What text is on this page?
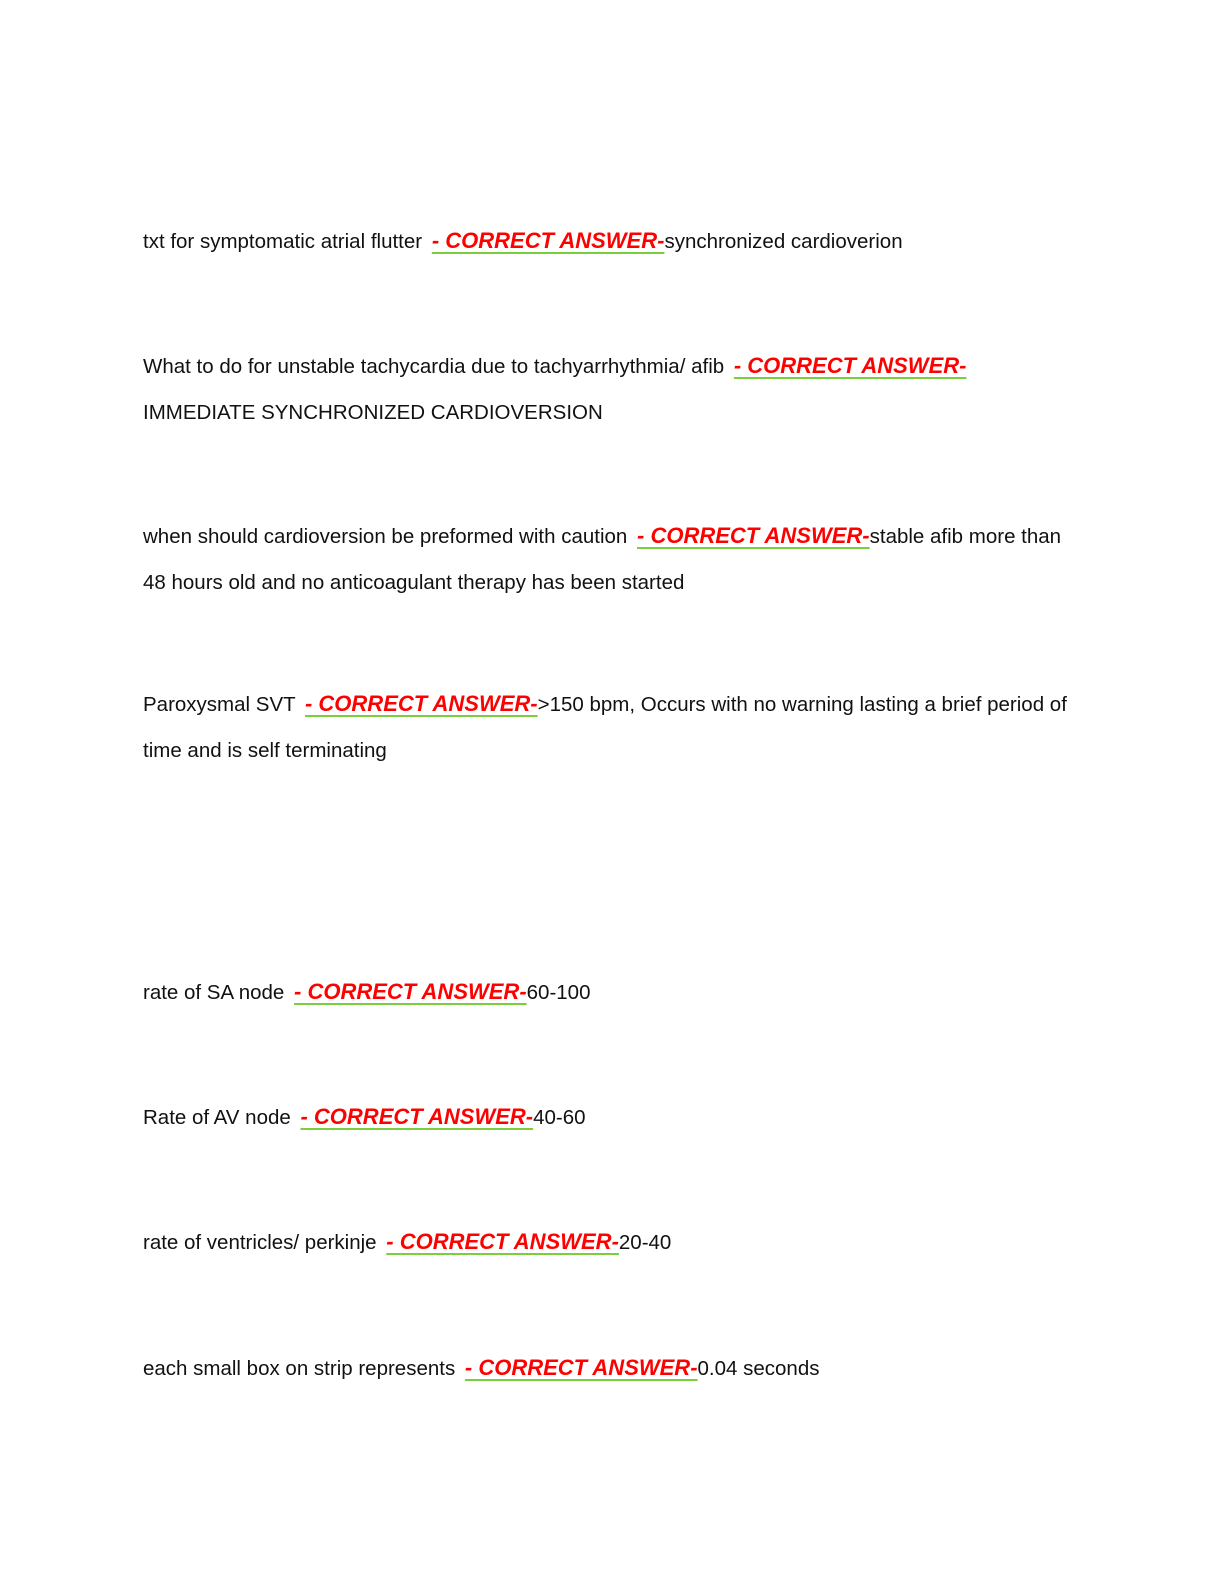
txt for symptomatic atrial flutter - CORRECT ANSWER-synchronized cardioverion

What to do for unstable tachycardia due to tachyarrhythmia/ afib - CORRECT ANSWER-
IMMEDIATE SYNCHRONIZED CARDIOVERSION

when should cardioversion be preformed with caution - CORRECT ANSWER-stable afib more than 48 hours old and no anticoagulant therapy has been started

Paroxysmal SVT - CORRECT ANSWER->150 bpm, Occurs with no warning lasting a brief period of time and is self terminating

rate of SA node - CORRECT ANSWER-60-100

Rate of AV node - CORRECT ANSWER-40-60

rate of ventricles/ perkinje - CORRECT ANSWER-20-40

each small box on strip represents - CORRECT ANSWER-0.04 seconds
